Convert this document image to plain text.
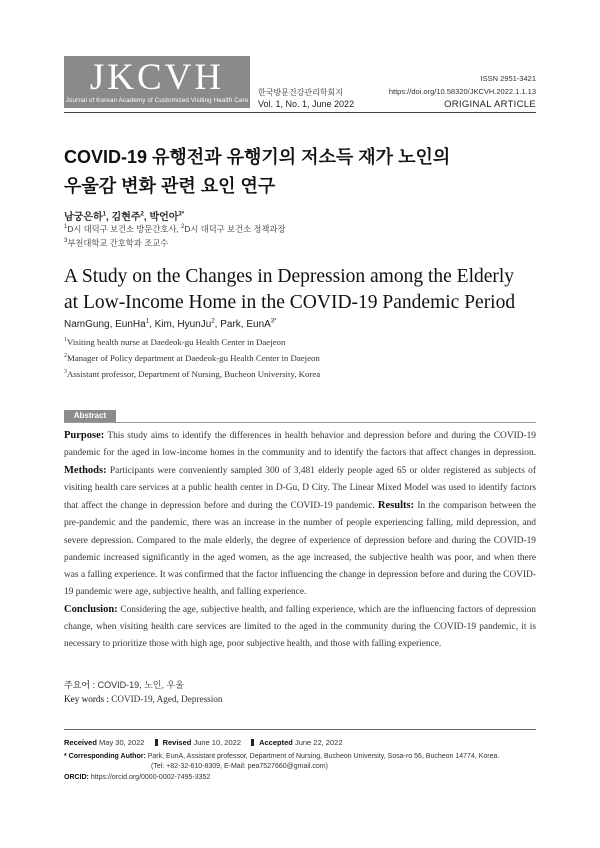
JKCVH
Journal of Korean Academy of Customized Visiting Health Care
한국방문건강관리학회지
Vol. 1, No. 1, June 2022
ISSN 2951-3421
https://doi.org/10.58320/JKCVH.2022.1.1.13
ORIGINAL ARTICLE
COVID-19 유행전과 유행기의 저소득 재가 노인의
우울감 변화 관련 요인 연구
남궁은하$^1$, 김현주$^2$, 박언아$^{3*}$
$^1$D시 대덕구 보건소 방문간호사, $^2$D시 대덕구 보건소 정책과장
$^3$부천대학교 간호학과 조교수
A Study on the Changes in Depression among the Elderly
at Low-Income Home in the COVID-19 Pandemic Period
NamGung, EunHa$^1$, Kim, HyunJu$^2$, Park, EunA$^{3*}$
$^1$Visiting health nurse at Daedeok-gu Health Center in Daejeon
$^2$Manager of Policy department at Daedeok-gu Health Center in Daejeon
$^3$Assistant professor, Department of Nursing, Bucheon University, Korea
Abstract
Purpose: This study aims to identify the differences in health behavior and depression before and during the COVID-19 pandemic for the aged in low-income homes in the community and to identify the factors that affect changes in depression. Methods: Participants were conveniently sampled 300 of 3,481 elderly people aged 65 or older registered as subjects of visiting health care services at a public health center in D-Gu, D City. The Linear Mixed Model was used to identify factors that affect the change in depression before and during the COVID-19 pandemic. Results: In the comparison between the pre-pandemic and the pandemic, there was an increase in the number of people experiencing falling, mild depression, and severe depression. Compared to the male elderly, the degree of experience of depression before and during the COVID-19 pandemic increased significantly in the aged women, as the age increased, the subjective health was poor, and when there was a falling experience. It was confirmed that the factor influencing the change in depression before and during the COVID-19 pandemic were age, subjective health, and falling experience.
Conclusion: Considering the age, subjective health, and falling experience, which are the influencing factors of depression change, when visiting health care services are limited to the aged in the community during the COVID-19 pandemic, it is necessary to prioritize those with high age, poor subjective health, and those with falling experience.
주요어 : COVID-19, 노인, 우울
Key words : COVID-19, Aged, Depression
Received May 30, 2022 Revised June 10, 2022 Accepted June 22, 2022
* Corresponding Author: Park, EunA, Assistant professor, Department of Nursing, Bucheon University, Sosa-ro 56, Bucheon 14774, Korea.
(Tel: +82-32-610-8309, E-Mail: pea7527660@gmail.com)
ORCID: https://orcid.org/0000-0002-7495-3352
